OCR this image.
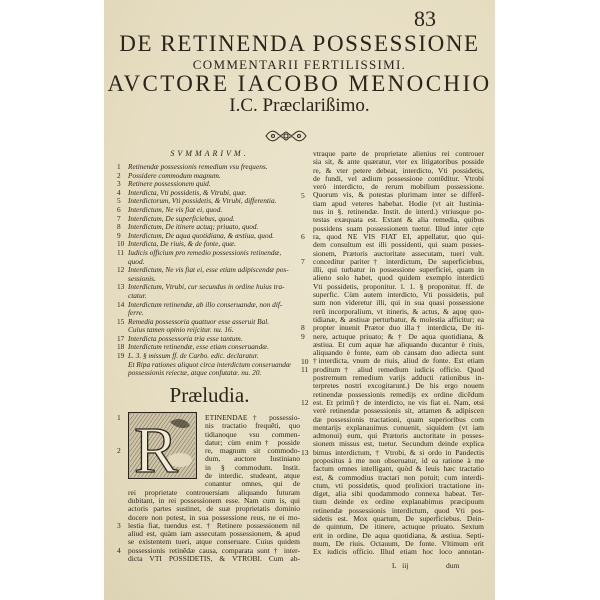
83
DE RETINENDA POSSESSIONE
COMMENTARII FERTILISSIMI.
AVCTORE IACOBO MENOCHIO
I.C. Præclarißimo.
SVMMARIVM.
1 Retinendæ possessionis remedium vsu frequens.
2 Possidere commodum magnum.
3 Retinere possessionem quid.
4 Interdicta, Vti possidetis, & Vtrubi, quæ.
5 Interdictorum, Vti possidetis, & Vtrubi, differentia.
6 Interdictum, Ne vis fiat ei, quod.
7 Interdictum, De superficiebus, quod.
8 Interdictum, De itinere actuq; priuato, quod.
9 Interdictum, De aqua quotidiana, & æstiua, quod.
10 Interdicta, De riuis, & de fonte, quæ.
11 Iudicis officium pro remedio possessionis retinendæ,
quod.
12 Interdictum, Ne vis fiat ei, esse etiam adipiscendæ pos-
sessionis.
13 Interdictum, Vtrubi, cur secundus in ordine huius tra-
ctatur.
14 Interdictum retinendæ, ab illo conseruandæ, non dif-
ferre.
15 Remedia possessoria quattuor esse asseruit Bal.
Cuius tamen opinio reijcitur. nu. 16.
17 Interdicta possessoria tria esse tantum.
18 Interdictum retinendæ, esse etiam conseruandæ.
19 L. 3. § missum ff. de Carbo. edic. declaratur.
Et Ripa rationes aliquot circa interdictum conseruandæ possessionis reiectæ, atque confutatæ. nu. 20.
Præludia.
R	ETINENDAE† possessio-
nis tractatio frequēti, quo
tidianoque vsu commen-
datur; cùm enim† posside
re, magnum sit commodo-
dum, auctore Iustiniano
in § commodum. Instit.
de interdic. studeant, atque
conantur omnes, qui de
rei proprietate controuersiam aliquando futuram
dubitant, in rei possessionem esse. Nam cum is, qui
actoris partes sustinet, de suæ proprietatis dominio
docere non potest, in sua possessione reus, ne ei mo-
lestia fiat, tuendus est. † Retinere possessionem nil
aliud est, quàm iam assecutam possessionem, & apud
se existentem tueri, atque conseruare. Cuius quidem
possessionis retinēdæ causa, comparata sunt † inter-
dicta VTI POSSIDETIS, & VTROBI. Cum ab-
vtraque parte de proprietate alienius rei controuer
sia sit, & ante quæratur, vter ex litigatoribus posside
re, & vter petere debeat, interdicto, Vti possidetis,
de fundi, vel ædium possessione contēditur. Vtrobi
verò interdicto, de rerum mobilium possessione.
Quorum vis, & potestas plurimam inter se differē-
tiam apud veteres habebat. Hodie (vt ait Iustinia-
nus in §. retinendæ. Instit. de interd.) vtriusque po-
testas exæquata est. Extant & alia remedia, quibus
possidens suam possessionem tuetur. Illud inter cęte
ra, quod NE VIS FIAT EI, appellatur, quo qui-
dem consultum est illi possidenti, qui suam posses-
sionem, Prætoris auctoritate assecutam, tueri vult.
conceditur pariter† interdictum, De superficiebus,
illi, qui turbatur in possessione superficiei, quam in
alieno solo habet, quod quidem exemplo interdicti
Vti possidetis, proponitur. l. 1. § proponitur. ff. de
superfic. Cùm autem interdicto, Vti possidetis, pul
sum non videretur illi, qui in sua quasi possessione
rerū incorporalium, vt itineris, & actus, & aquę quo-
tidianæ, & æstiuæ perturbatur, & molestia afficitur; ea
propter inuenit Prætor duo illa† interdicta, De iti-
nere, actuque priuato; & † De aqua quotidiana, &
æstiua. Et cum aquæ hæ aliquando ducantur è riuis,
aliquando è fonte, eam ob causam duo adiecta sunt
†interdicta, vnum de riuis, aliud de fonte. Est etiam
proditum† aliud remedium iudicis officio. Quod
postremum remedium varijs adducti rationibus in-
terpretes nostri excogitarunt.) De his ergo nouem
retinendæ possessionis remedijs ex ordine dicēdum
est. Et primū† de interdicto, ne vis fiat ei. Nam, etsi
verè retinendæ possessionis sit, attamen & adipiscen
dæ possessionis tractationi, quam superioribus com
mentarijs explanauimus conuenit, siquidem (vt iam
admonui) eum, qui Prætoris auctoritate in posses-
sionem missus est, tuetur. Secundum deinde explica
bimus interdictum, † Vtrobi, & si ordo in Pandectis
propositus à me non obseruatur, id ea ratione à me
factum omnes intelligant, quòd & leuis hæc tractatio
est, & commodius tractari non potuit; cum interdi-
ctum, vti possidetis, quod prolixiori tractatione in-
diget, alia sibi quodammodo connexa habeat. Ter-
tium deinde ex ordine explanabimus præcipuum
retinendæ possessionis interdictum, quod Vti pos-
sidetis est. Mox quartum, De superficiebus. Dein-
de quintum, De itinere, actuque priuato. Sextum
erit in ordine, De aqua quotidiana, & æstiua. Septi-
mum, De riuis. Octauum, De fonte. Vltimum erit
Ex iudicis officio. Illud etiam hoc loco annotan-
L iij	dum
1
2
3
4
5
6
7
8
9
10
11
12
13
